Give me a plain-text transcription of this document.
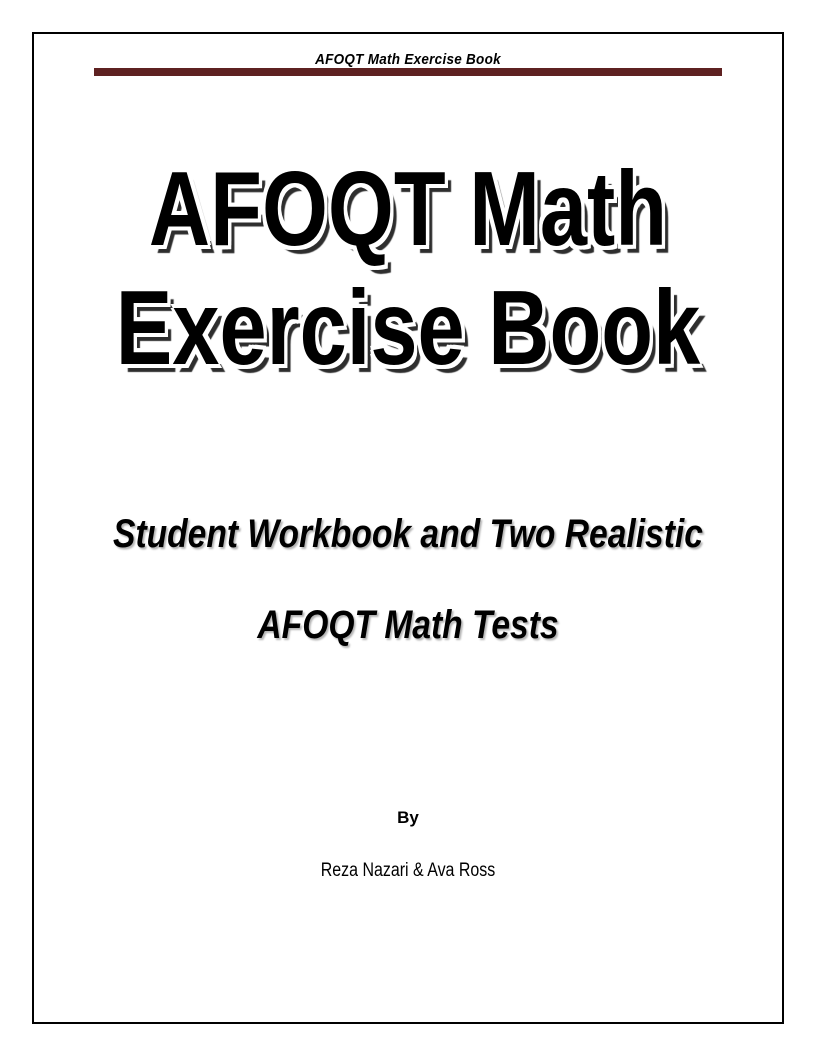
AFOQT Math Exercise Book
AFOQT Math
Exercise Book
Student Workbook and Two Realistic
AFOQT Math Tests
By
Reza Nazari & Ava Ross
